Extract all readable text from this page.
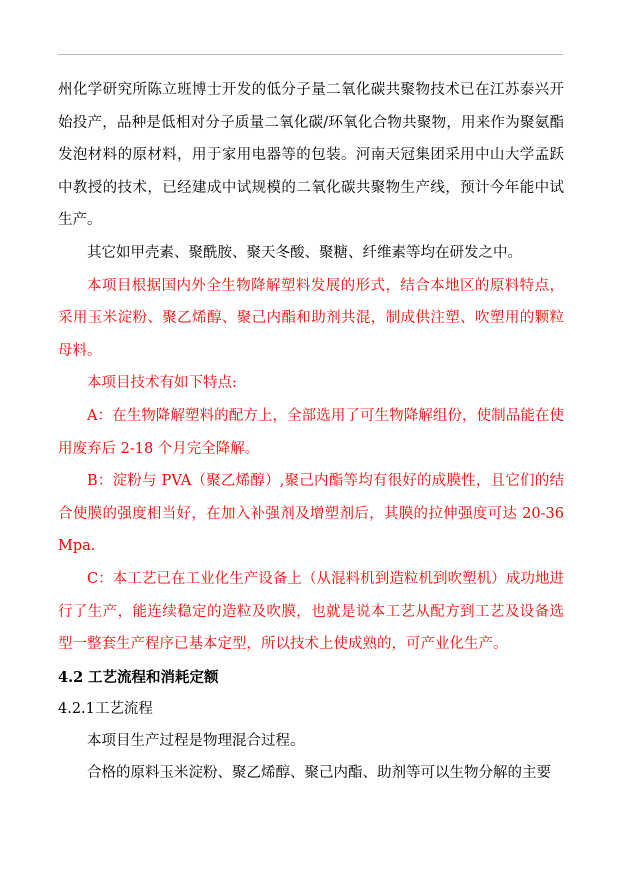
州化学研究所陈立班博士开发的低分子量二氧化碳共聚物技术已在江苏泰兴开始投产，品种是低相对分子质量二氧化碳/环氧化合物共聚物，用来作为聚氨酯发泡材料的原材料，用于家用电器等的包装。河南天冠集团采用中山大学孟跃中教授的技术，已经建成中试规模的二氧化碳共聚物生产线，预计今年能中试生产。

其它如甲壳素、聚酰胺、聚天冬酸、聚糖、纤维素等均在研发之中。

本项目根据国内外全生物降解塑料发展的形式，结合本地区的原料特点，采用玉米淀粉、聚乙烯醇、聚己内酯和助剂共混，制成供注塑、吹塑用的颗粒母料。

本项目技术有如下特点:

A：在生物降解塑料的配方上，全部选用了可生物降解组份，使制品能在使用废弃后 2-18 个月完全降解。

B：淀粉与 PVA（聚乙烯醇）,聚己内酯等均有很好的成膜性，且它们的结合使膜的强度相当好，在加入补强剂及增塑剂后，其膜的拉伸强度可达 20-36Mpa.

C：本工艺已在工业化生产设备上（从混料机到造粒机到吹塑机）成功地进行了生产，能连续稳定的造粒及吹膜，也就是说本工艺从配方到工艺及设备选型一整套生产程序已基本定型，所以技术上使成熟的，可产业化生产。

4.2 工艺流程和消耗定额

4.2.1工艺流程

本项目生产过程是物理混合过程。

合格的原料玉米淀粉、聚乙烯醇、聚己内酯、助剂等可以生物分解的主要
